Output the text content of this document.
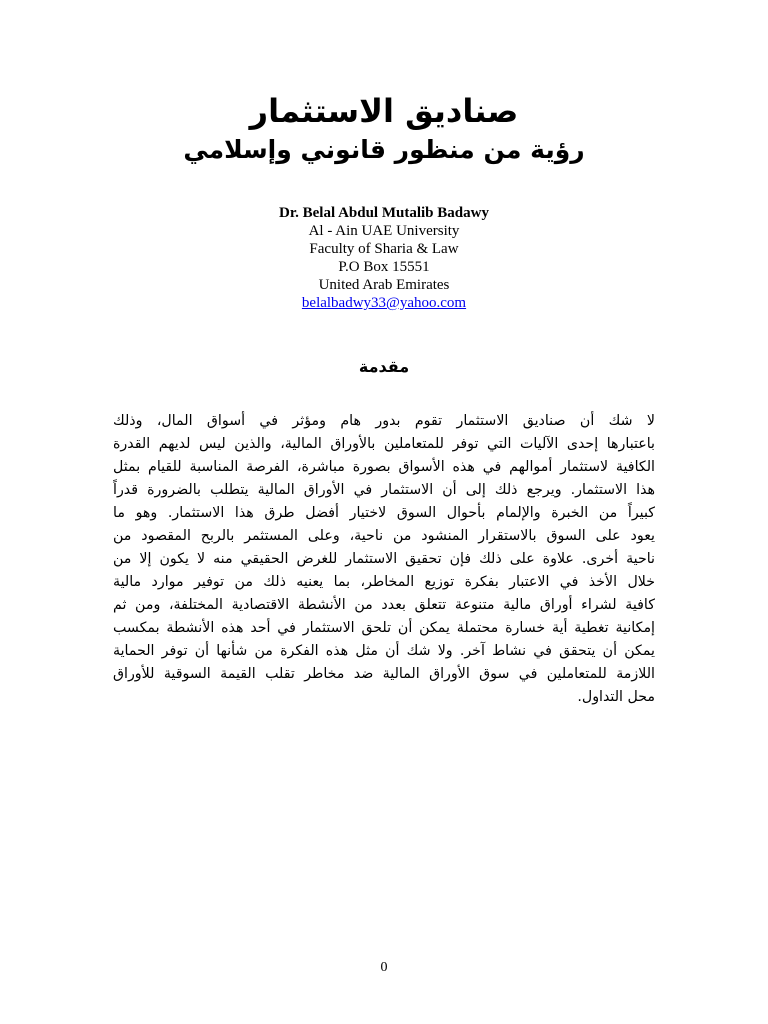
صناديق الاستثمار
رؤية من منظور قانوني وإسلامي
Dr. Belal Abdul Mutalib Badawy
Al - Ain UAE University
Faculty of Sharia & Law
P.O Box 15551
United Arab Emirates
belalbadwy33@yahoo.com
مقدمة
لا شك أن صناديق الاستثمار تقوم بدور هام ومؤثر في أسواق المال، وذلك
باعتبارها إحدى الآليات التي توفر للمتعاملين بالأوراق المالية، والذين ليس لديهم القدرة
الكافية لاستثمار أموالهم في هذه الأسواق بصورة مباشرة، الفرصة المناسبة للقيام بمثل
هذا الاستثمار. ويرجع ذلك إلى أن الاستثمار في الأوراق المالية يتطلب بالضرورة قدراً
كبيراً من الخبرة والإلمام بأحوال السوق لاختيار أفضل طرق هذا الاستثمار. وهو ما
يعود على السوق بالاستقرار المنشود من ناحية، وعلى المستثمر بالربح المقصود من
ناحية أخرى. علاوة على ذلك فإن تحقيق الاستثمار للغرض الحقيقي منه لا يكون إلا من
خلال الأخذ في الاعتبار بفكرة توزيع المخاطر، بما يعنيه ذلك من توفير موارد مالية
كافية لشراء أوراق مالية متنوعة تتعلق بعدد من الأنشطة الاقتصادية المختلفة، ومن ثم
إمكانية تغطية أية خسارة محتملة يمكن أن تلحق الاستثمار في أحد هذه الأنشطة بمكسب
يمكن أن يتحقق في نشاط آخر. ولا شك أن مثل هذه الفكرة من شأنها أن توفر الحماية
اللازمة للمتعاملين في سوق الأوراق المالية ضد مخاطر تقلب القيمة السوقية للأوراق
محل التداول.
0
